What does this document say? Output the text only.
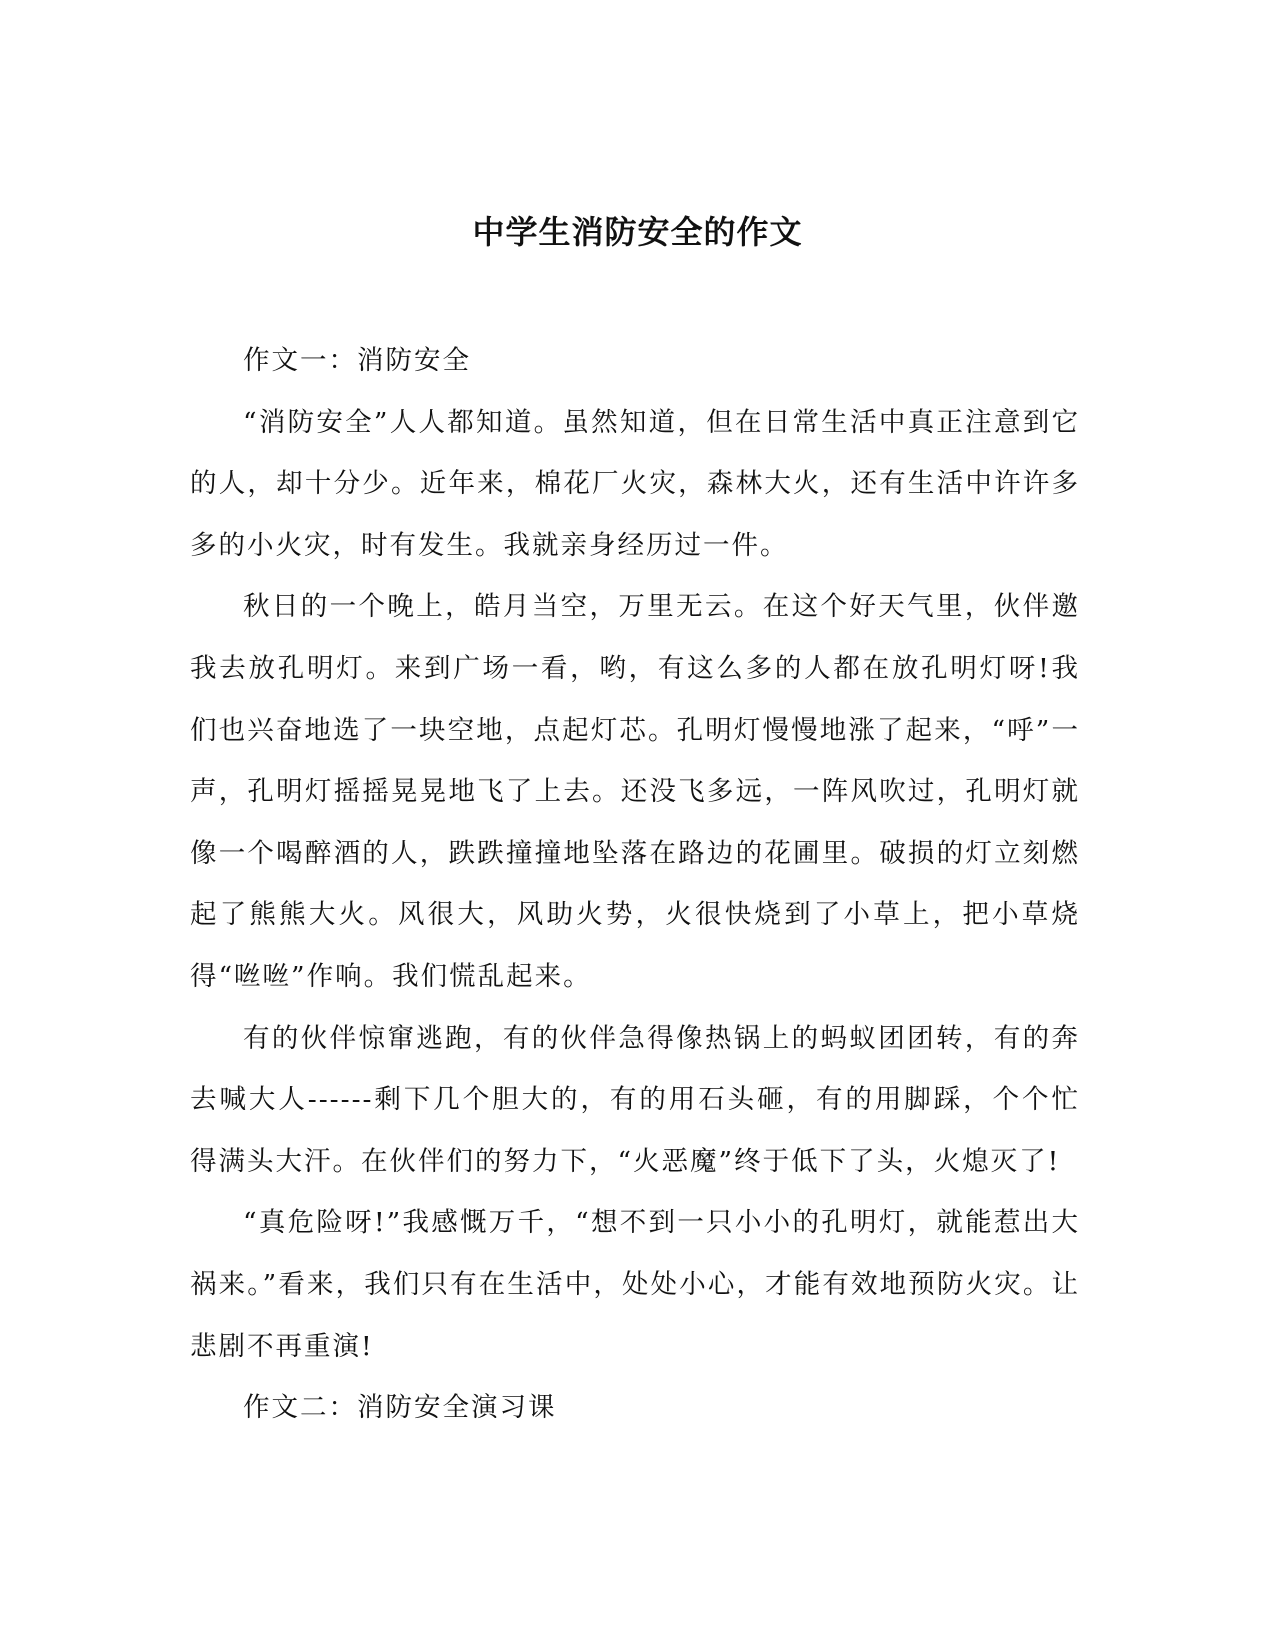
中学生消防安全的作文
作文一：消防安全

“消防安全”人人都知道。虽然知道，但在日常生活中真正注意到它的人，却十分少。近年来，棉花厂火灾，森林大火，还有生活中许许多多的小火灾，时有发生。我就亲身经历过一件。

秋日的一个晚上，皓月当空，万里无云。在这个好天气里，伙伴邀我去放孔明灯。来到广场一看，哟，有这么多的人都在放孔明灯呀!我们也兴奋地选了一块空地，点起灯芯。孔明灯慢慢地涨了起来，“呼”一声，孔明灯摇摇晃晃地飞了上去。还没飞多远，一阵风吹过，孔明灯就像一个喝醉酒的人，跌跌撞撞地坠落在路边的花圃里。破损的灯立刻燃起了熊熊大火。风很大，风助火势，火很快烧到了小草上，把小草烧得“咝咝”作响。我们慌乱起来。

有的伙伴惊窜逃跑，有的伙伴急得像热锅上的蚂蚁团团转，有的奔去喊大人------剩下几个胆大的，有的用石头砸，有的用脚踩，个个忙得满头大汗。在伙伴们的努力下，“火恶魔”终于低下了头，火熄灭了!

“真危险呀!”我感慨万千，“想不到一只小小的孔明灯，就能惹出大祸来。”看来，我们只有在生活中，处处小心，才能有效地预防火灾。让悲剧不再重演!

作文二：消防安全演习课
